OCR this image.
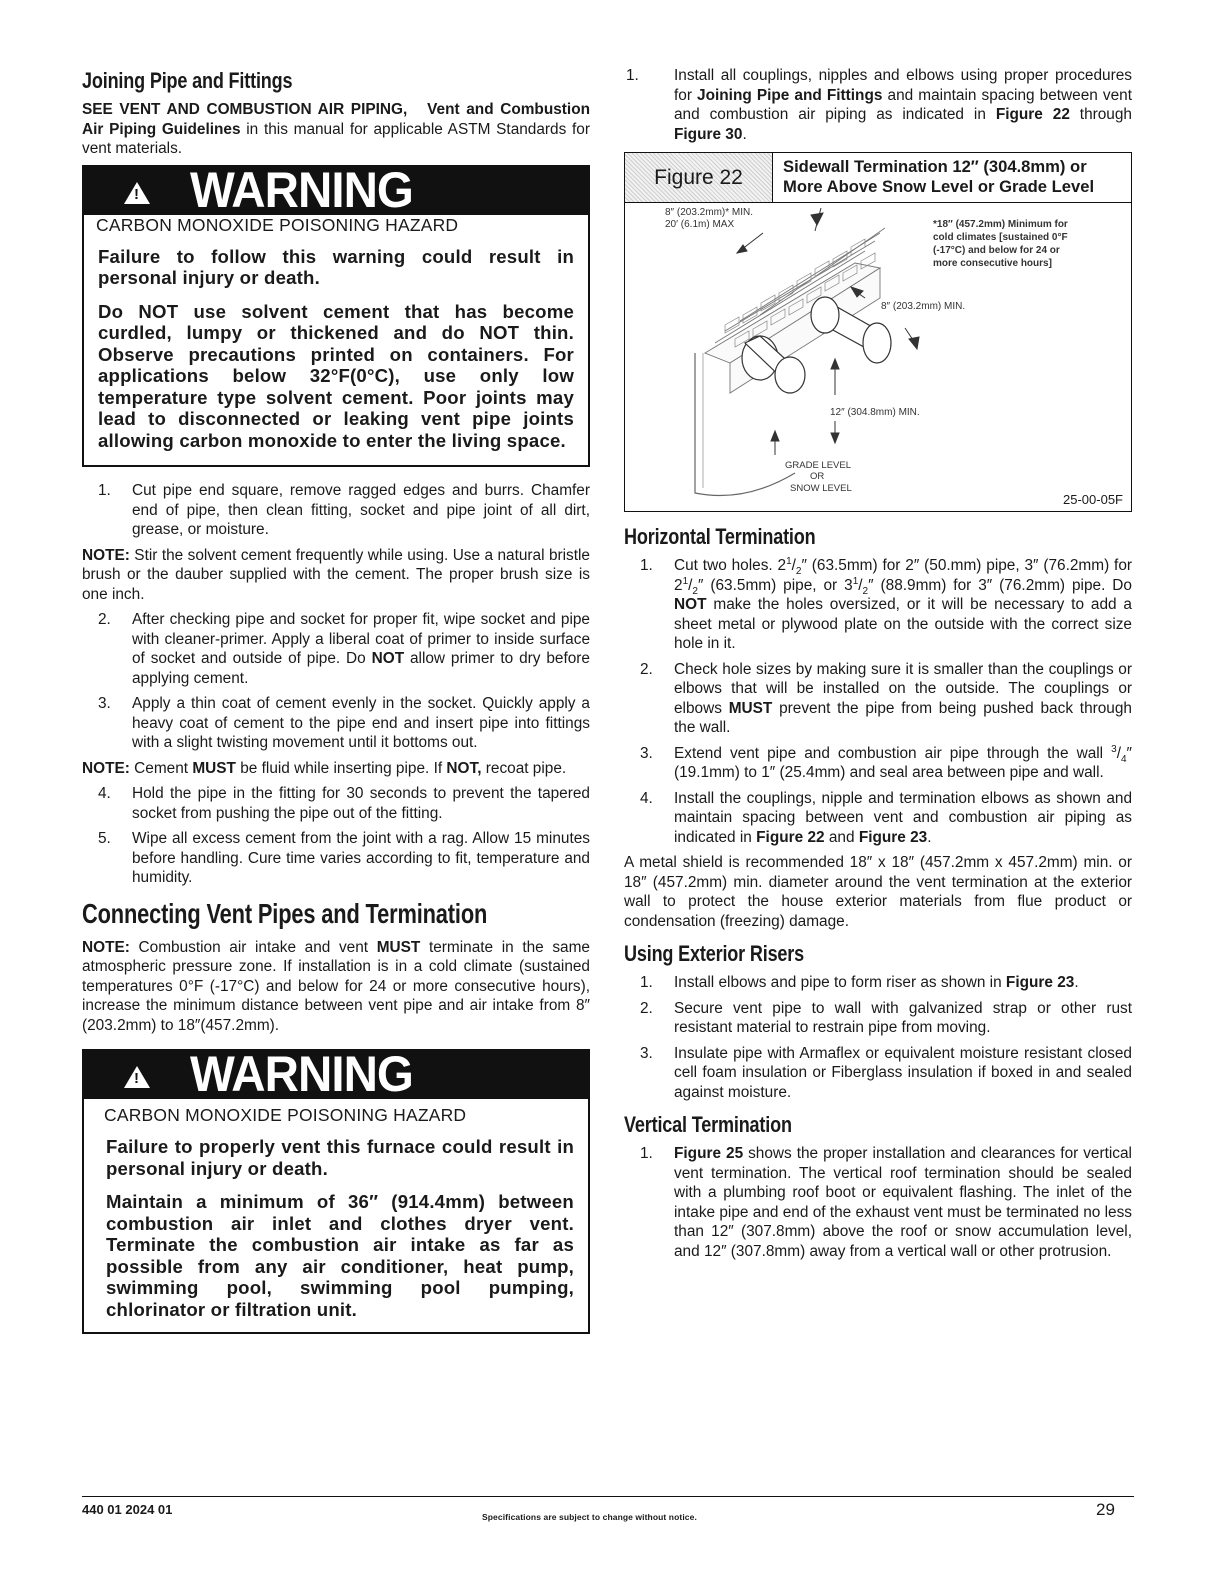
Joining Pipe and Fittings

SEE VENT AND COMBUSTION AIR PIPING, Vent and Combustion Air Piping Guidelines in this manual for applicable ASTM Standards for vent materials.

!
WARNING
CARBON MONOXIDE POISONING HAZARD
Failure to follow this warning could result in personal injury or death.
Do NOT use solvent cement that has become curdled, lumpy or thickened and do NOT thin. Observe precautions printed on containers. For applications below 32°F(0°C), use only low temperature type solvent cement. Poor joints may lead to disconnected or leaking vent pipe joints allowing carbon monoxide to enter the living space.
1.	Cut pipe end square, remove ragged edges and burrs. Chamfer end of pipe, then clean fitting, socket and pipe joint of all dirt, grease, or moisture.

NOTE: Stir the solvent cement frequently while using. Use a natural bristle brush or the dauber supplied with the cement. The proper brush size is one inch.

2.	After checking pipe and socket for proper fit, wipe socket and pipe with cleaner-primer. Apply a liberal coat of primer to inside surface of socket and outside of pipe. Do NOT allow primer to dry before applying cement.
3.	Apply a thin coat of cement evenly in the socket. Quickly apply a heavy coat of cement to the pipe end and insert pipe into fittings with a slight twisting movement until it bottoms out.

NOTE: Cement MUST be fluid while inserting pipe. If NOT, recoat pipe.

4.	Hold the pipe in the fitting for 30 seconds to prevent the tapered socket from pushing the pipe out of the fitting.
5.	Wipe all excess cement from the joint with a rag. Allow 15 minutes before handling. Cure time varies according to fit, temperature and humidity.
Connecting Vent Pipes and Termination

NOTE: Combustion air intake and vent MUST terminate in the same atmospheric pressure zone. If installation is in a cold climate (sustained temperatures 0°F (-17°C) and below for 24 or more consecutive hours), increase the minimum distance between vent pipe and air intake from 8″ (203.2mm) to 18″(457.2mm).

!
WARNING
CARBON MONOXIDE POISONING HAZARD
Failure to properly vent this furnace could result in personal injury or death.
Maintain a minimum of 36″ (914.4mm) between combustion air inlet and clothes dryer vent. Terminate the combustion air intake as far as possible from any air conditioner, heat pump, swimming pool, swimming pool pumping, chlorinator or filtration unit.
1.	Install all couplings, nipples and elbows using proper procedures for Joining Pipe and Fittings and maintain spacing between vent and combustion air piping as indicated in Figure 22 through Figure 30.
Figure 22	Sidewall Termination 12″ (304.8mm) or More Above Snow Level or Grade Level
8″ (203.2mm)* MIN.
20′ (6.1m) MAX	*18″ (457.2mm) Minimum for
cold climates [sustained 0°F
(-17°C) and below for 24 or
more consecutive hours]
8″ (203.2mm) MIN.
12″ (304.8mm) MIN.
GRADE LEVEL
OR
SNOW LEVEL
25-00-05F
Horizontal Termination
1.	Cut two holes. $2^1/_2''$ (63.5mm) for 2″ (50.mm) pipe, 3″ (76.2mm) for $2^1/_2''$ (63.5mm) pipe, or $3^1/_2''$ (88.9mm) for 3″ (76.2mm) pipe. Do NOT make the holes oversized, or it will be necessary to add a sheet metal or plywood plate on the outside with the correct size hole in it.
2.	Check hole sizes by making sure it is smaller than the couplings or elbows that will be installed on the outside. The couplings or elbows MUST prevent the pipe from being pushed back through the wall.
3.	Extend vent pipe and combustion air pipe through the wall $^3/_4''$ (19.1mm) to 1″ (25.4mm) and seal area between pipe and wall.
4.	Install the couplings, nipple and termination elbows as shown and maintain spacing between vent and combustion air piping as indicated in Figure 22 and Figure 23.

A metal shield is recommended 18″ x 18″ (457.2mm x 457.2mm) min. or 18″ (457.2mm) min. diameter around the vent termination at the exterior wall to protect the house exterior materials from flue product or condensation (freezing) damage.

Using Exterior Risers
1.	Install elbows and pipe to form riser as shown in Figure 23.
2.	Secure vent pipe to wall with galvanized strap or other rust resistant material to restrain pipe from moving.
3.	Insulate pipe with Armaflex or equivalent moisture resistant closed cell foam insulation or Fiberglass insulation if boxed in and sealed against moisture.
Vertical Termination
1.	Figure 25 shows the proper installation and clearances for vertical vent termination. The vertical roof termination should be sealed with a plumbing roof boot or equivalent flashing. The inlet of the intake pipe and end of the exhaust vent must be terminated no less than 12″ (307.8mm) above the roof or snow accumulation level, and 12″ (307.8mm) away from a vertical wall or other protrusion.
440 01 2024 01	Specifications are subject to change without notice.	29
